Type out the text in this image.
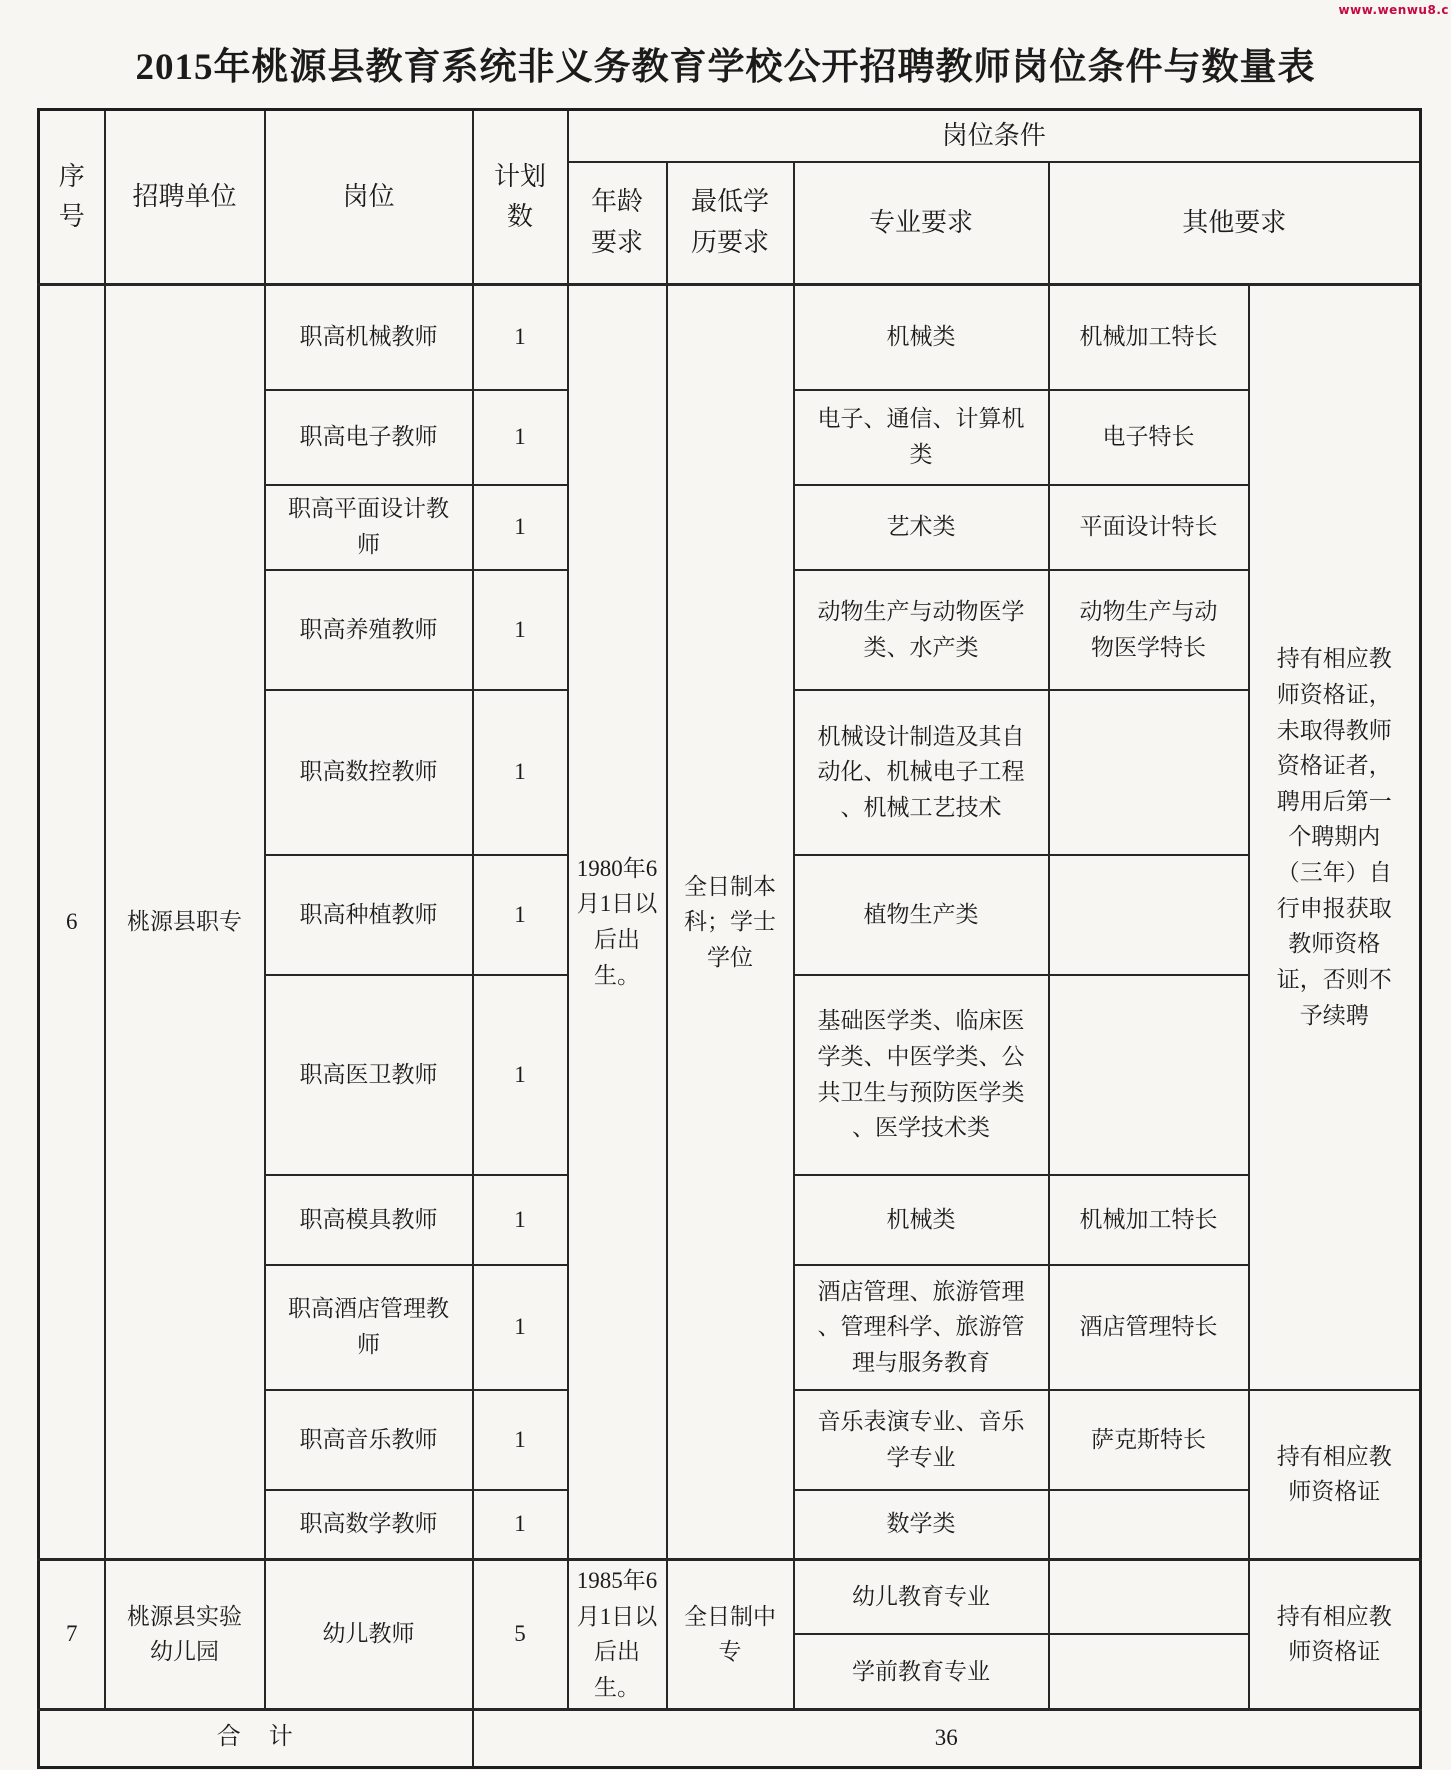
www.wenwu8.c
2015年桃源县教育系统非义务教育学校公开招聘教师岗位条件与数量表
序号	招聘单位	岗位	计划数	岗位条件				
				年龄要求	最低学历要求	专业要求	其他要求	
6	桃源县职专	职高机械教师	1	1980年6月1日以后出生。	全日制本科；学士学位	机械类	机械加工特长	持有相应教师资格证，未取得教师资格证者，聘用后第一个聘期内（三年）自行申报获取教师资格证，否则不予续聘
		职高电子教师	1			电子、通信、计算机类	电子特长	
		职高平面设计教师	1			艺术类	平面设计特长	
		职高养殖教师	1			动物生产与动物医学类、水产类	动物生产与动物医学特长	
		职高数控教师	1			机械设计制造及其自动化、机械电子工程、机械工艺技术		
		职高种植教师	1			植物生产类		
		职高医卫教师	1			基础医学类、临床医学类、中医学类、公共卫生与预防医学类、医学技术类		
		职高模具教师	1			机械类	机械加工特长	
		职高酒店管理教师	1			酒店管理、旅游管理、管理科学、旅游管理与服务教育	酒店管理特长	
		职高音乐教师	1			音乐表演专业、音乐学专业	萨克斯特长	持有相应教师资格证
		职高数学教师	1			数学类		
7	桃源县实验幼儿园	幼儿教师	5	1985年6月1日以后出生。	全日制中专	幼儿教育专业		持有相应教师资格证
						学前教育专业		
合　计			36					
